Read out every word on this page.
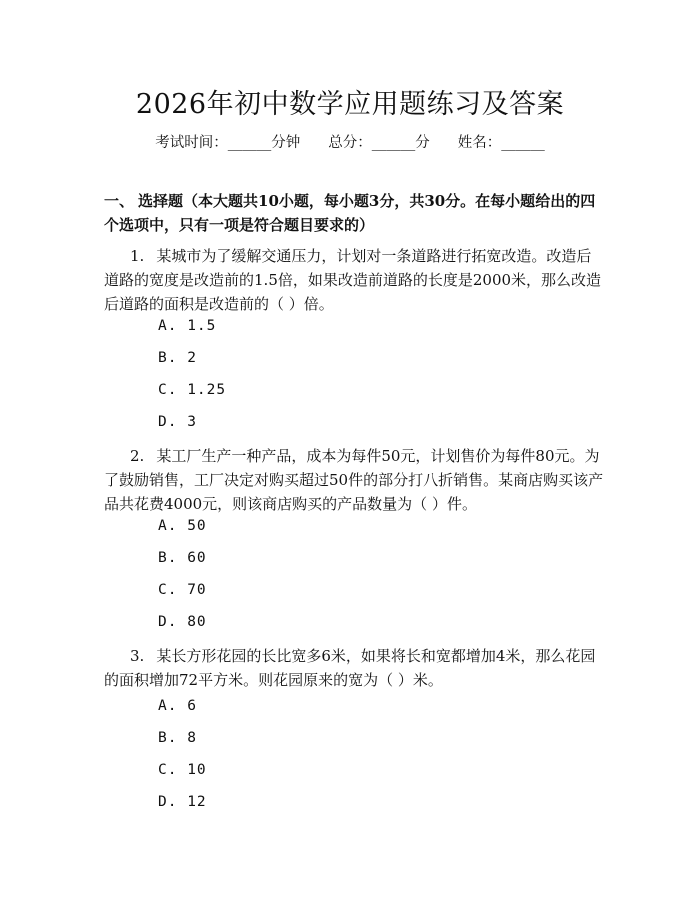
2026年初中数学应用题练习及答案
考试时间：______分钟 总分：______分 姓名：______
一、 选择题（本大题共10小题，每小题3分，共30分。在每小题给出的四个选项中，只有一项是符合题目要求的）
1. 某城市为了缓解交通压力，计划对一条道路进行拓宽改造。改造后道路的宽度是改造前的1.5倍，如果改造前道路的长度是2000米，那么改造后道路的面积是改造前的（ ）倍。
A. 1.5
B. 2
C. 1.25
D. 3
2. 某工厂生产一种产品，成本为每件50元，计划售价为每件80元。为了鼓励销售，工厂决定对购买超过50件的部分打八折销售。某商店购买该产品共花费4000元，则该商店购买的产品数量为（ ）件。
A. 50
B. 60
C. 70
D. 80
3. 某长方形花园的长比宽多6米，如果将长和宽都增加4米，那么花园的面积增加72平方米。则花园原来的宽为（ ）米。
A. 6
B. 8
C. 10
D. 12
